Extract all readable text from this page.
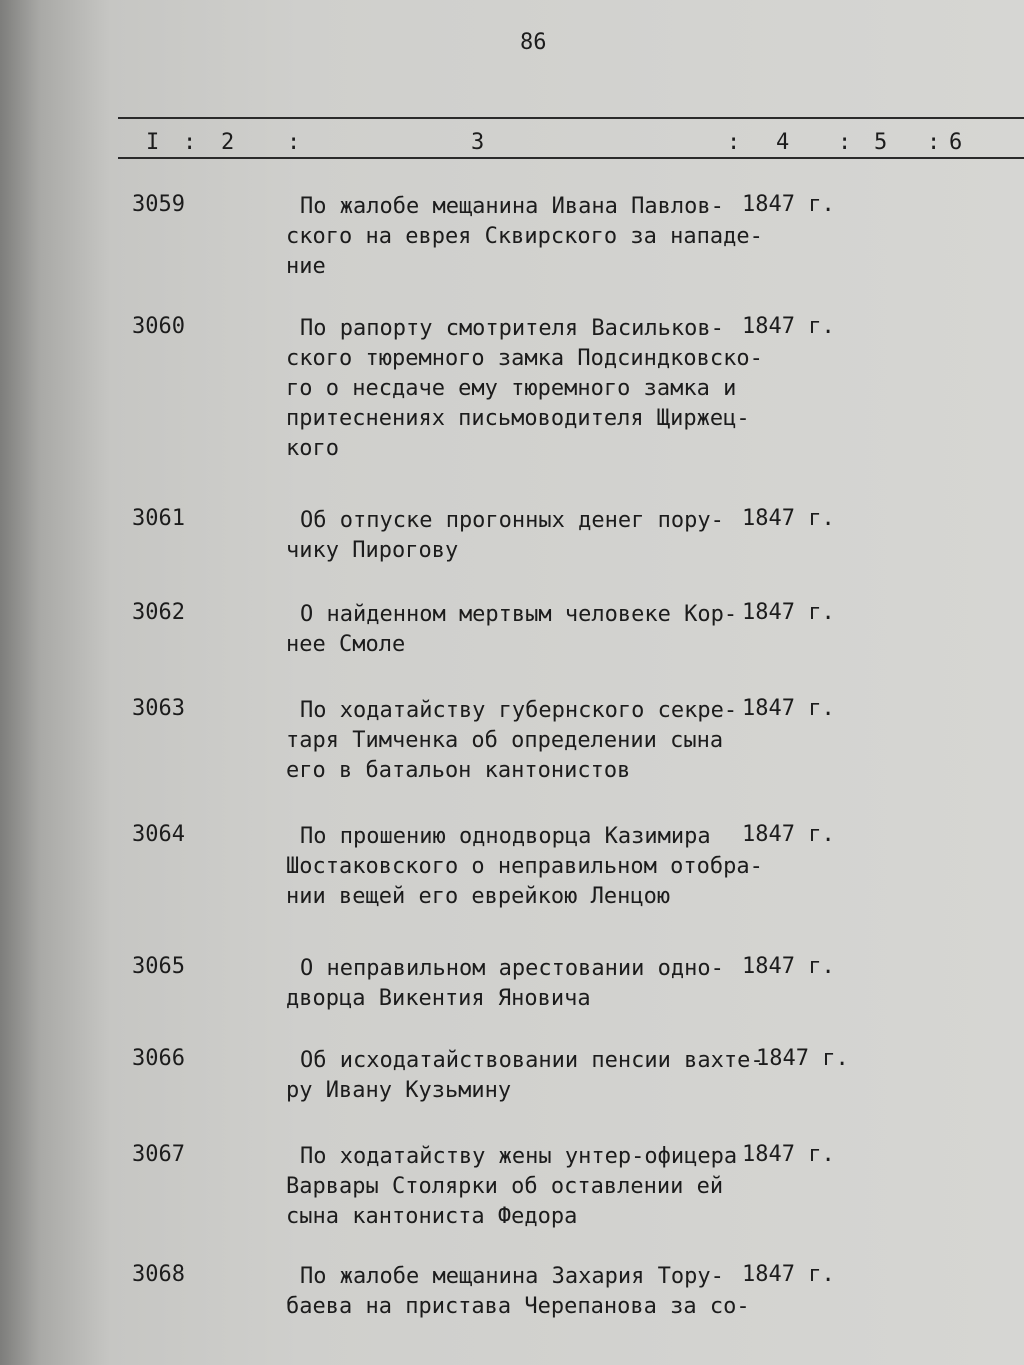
86
I : 2 :	3	: 4 : 5 : 6
3059	По жалобе мещанина Ивана Павлов-
ского на еврея Сквирского за нападе-
ние
1847 г.
3060	По рапорту смотрителя Васильков-
ского тюремного замка Подсиндковско-
го о несдаче ему тюремного замка и
притеснениях письмоводителя Щиржец-
кого
1847 г.
3061	Об отпуске прогонных денег пору-
чику Пирогову
1847 г.
3062	О найденном мертвым человеке Кор-
нее Смоле
1847 г.
3063	По ходатайству губернского секре-
таря Тимченка об определении сына
его в батальон кантонистов
1847 г.
3064	По прошению однодворца Казимира
Шостаковского о неправильном отобра-
нии вещей его еврейкою Ленцою
1847 г.
3065	О неправильном арестовании одно-
дворца Викентия Яновича
1847 г.
3066	Об исходатайствовании пенсии вахте-
ру Ивану Кузьмину
1847 г.
3067	По ходатайству жены унтер-офицера
Варвары Столярки об оставлении ей
сына кантониста Федора
1847 г.
3068	По жалобе мещанина Захария Тору-
баева на пристава Черепанова за со-
1847 г.
